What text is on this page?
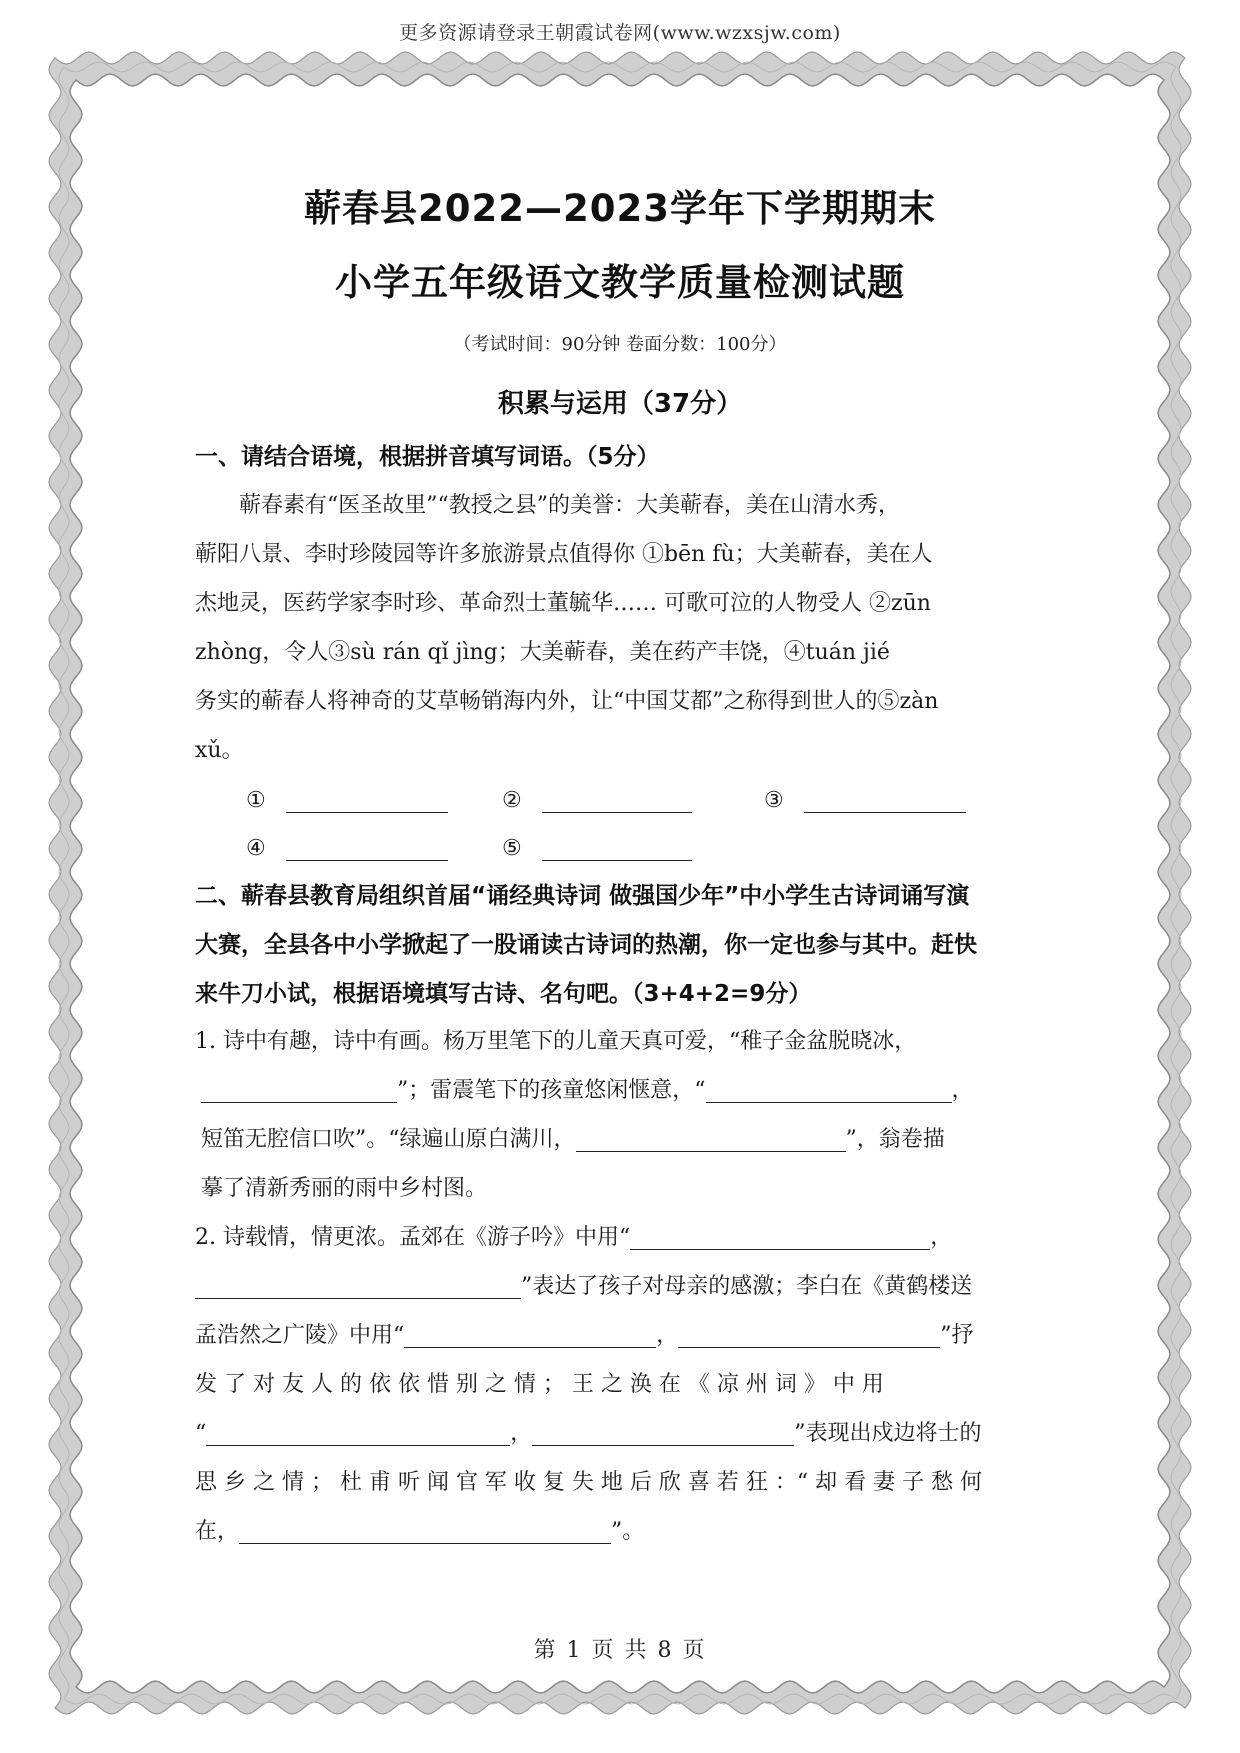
更多资源请登录王朝霞试卷网(www.wzxsjw.com)
蕲春县2022—2023学年下学期期末
小学五年级语文教学质量检测试题
（考试时间：90分钟 卷面分数：100分）
积累与运用（37分）
一、请结合语境，根据拼音填写词语。（5分）
　　蕲春素有“医圣故里”“教授之县”的美誉：大美蕲春，美在山清水秀，
蕲阳八景、李时珍陵园等许多旅游景点值得你 ①bēn fù；大美蕲春，美在人
杰地灵，医药学家李时珍、革命烈士董毓华…… 可歌可泣的人物受人 ②zūn
zhòng，令人③sù rán qǐ jìng；大美蕲春，美在药产丰饶，④tuán jié
务实的蕲春人将神奇的艾草畅销海内外，让“中国艾都”之称得到世人的⑤zàn
xǔ。
①	②	③
④	⑤
二、蕲春县教育局组织首届“诵经典诗词 做强国少年”中小学生古诗词诵写演
大赛，全县各中小学掀起了一股诵读古诗词的热潮，你一定也参与其中。赶快
来牛刀小试，根据语境填写古诗、名句吧。（3+4+2=9分）
1. 诗中有趣，诗中有画。杨万里笔下的儿童天真可爱，“稚子金盆脱晓冰，
”；雷震笔下的孩童悠闲惬意，“	，
短笛无腔信口吹”。“绿遍山原白满川，	”，翁卷描
摹了清新秀丽的雨中乡村图。
2. 诗载情，情更浓。孟郊在《游子吟》中用“	，
”表达了孩子对母亲的感激；李白在《黄鹤楼送
孟浩然之广陵》中用“	，	”抒
发 了 对 友 人 的 依 依 惜 别 之 情 ； 王 之 涣 在 《 凉 州 词 》 中 用
“	，	”表现出戍边将士的
思 乡 之 情 ； 杜 甫 听 闻 官 军 收 复 失 地 后 欣 喜 若 狂 ：“ 却 看 妻 子 愁 何
在，	”。
第 1 页 共 8 页
